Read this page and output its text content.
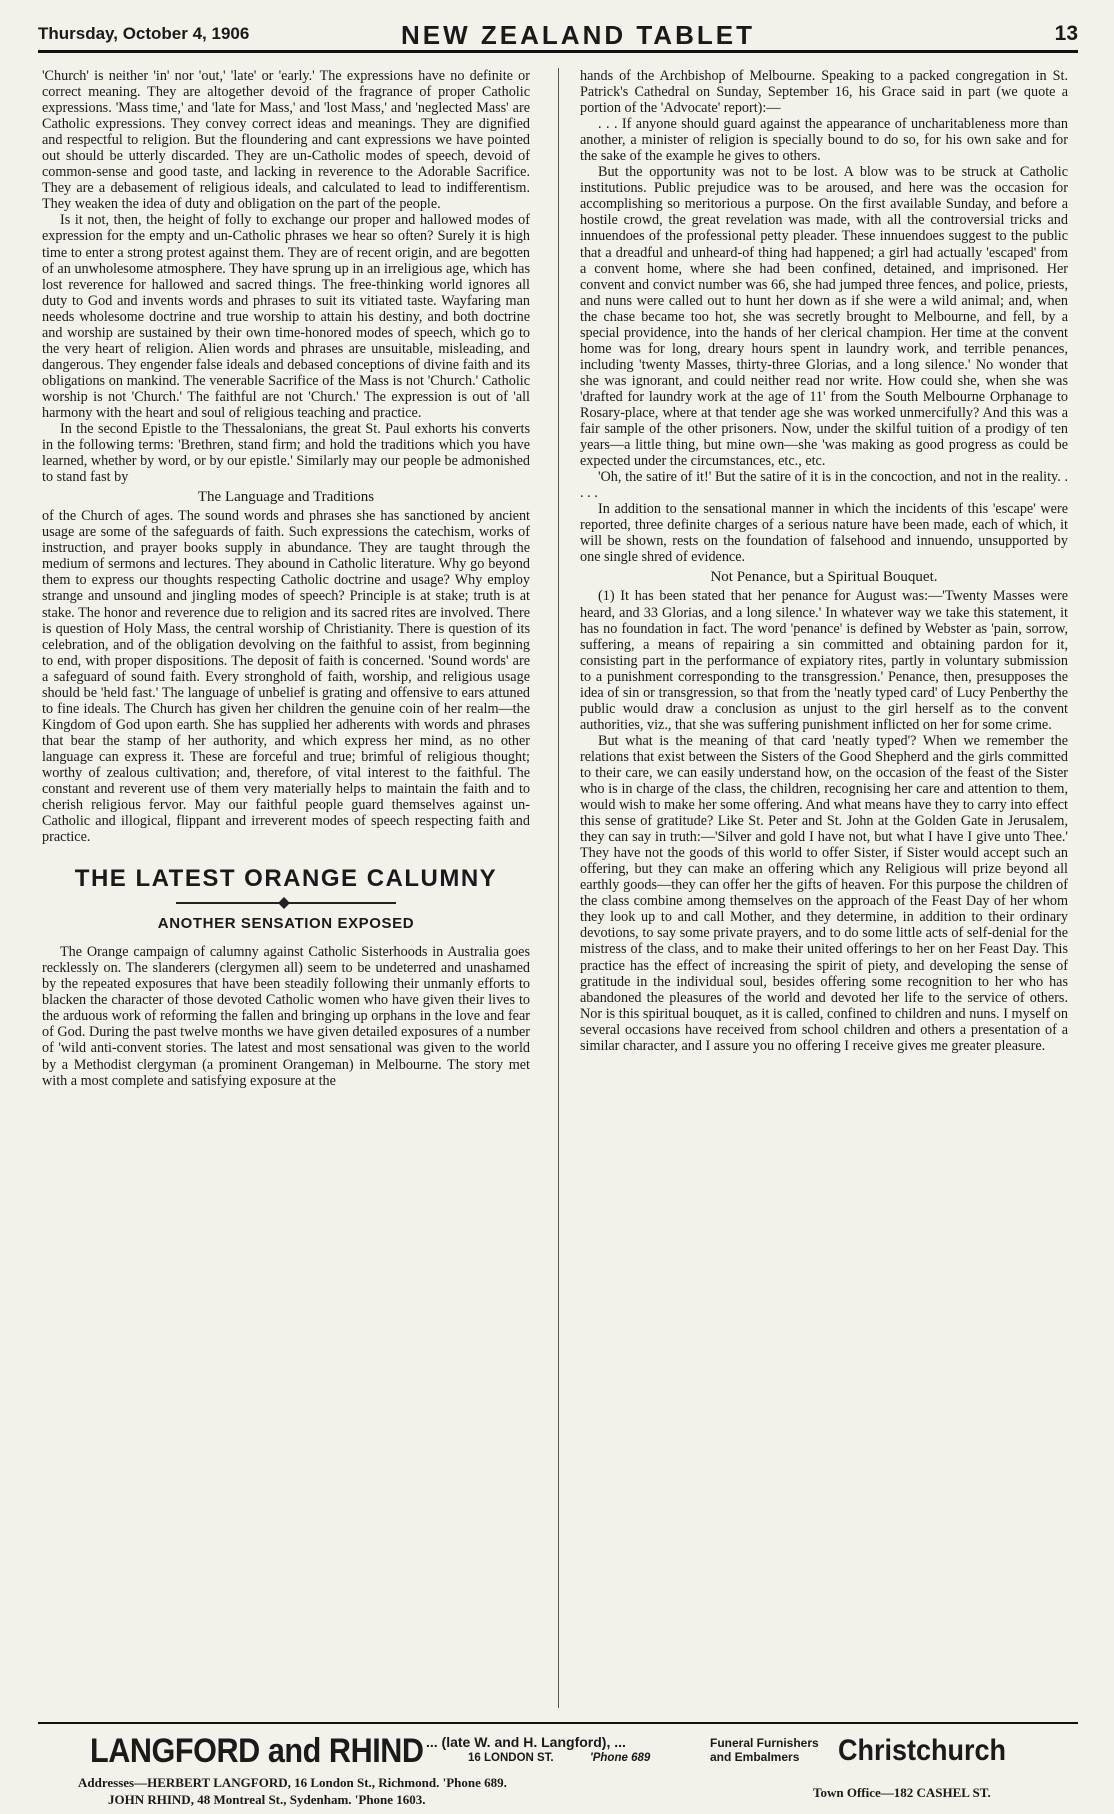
Thursday, October 4, 1906	NEW ZEALAND TABLET	13

'Church' is neither 'in' nor 'out,' 'late' or 'early.' The expressions have no definite or correct meaning. They are altogether devoid of the fragrance of proper Catholic expressions. 'Mass time,' and 'late for Mass,' and 'lost Mass,' and 'neglected Mass' are Catholic expressions. They convey correct ideas and meanings. They are dignified and respectful to religion. But the floundering and cant expressions we have pointed out should be utterly discarded. They are un-Catholic modes of speech, devoid of common-sense and good taste, and lacking in reverence to the Adorable Sacrifice. They are a debasement of religious ideals, and calculated to lead to indifferentism. They weaken the idea of duty and obligation on the part of the people.

Is it not, then, the height of folly to exchange our proper and hallowed modes of expression for the empty and un-Catholic phrases we hear so often? Surely it is high time to enter a strong protest against them. They are of recent origin, and are begotten of an unwholesome atmosphere. They have sprung up in an irreligious age, which has lost reverence for hallowed and sacred things. The free-thinking world ignores all duty to God and invents words and phrases to suit its vitiated taste. Wayfaring man needs wholesome doctrine and true worship to attain his destiny, and both doctrine and worship are sustained by their own time-honored modes of speech, which go to the very heart of religion. Alien words and phrases are unsuitable, misleading, and dangerous. They engender false ideals and debased conceptions of divine faith and its obligations on mankind. The venerable Sacrifice of the Mass is not 'Church.' Catholic worship is not 'Church.' The faithful are not 'Church.' The expression is out of 'all harmony with the heart and soul of religious teaching and practice.

In the second Epistle to the Thessalonians, the great St. Paul exhorts his converts in the following terms: 'Brethren, stand firm; and hold the traditions which you have learned, whether by word, or by our epistle.' Similarly may our people be admonished to stand fast by

The Language and Traditions

of the Church of ages. The sound words and phrases she has sanctioned by ancient usage are some of the safeguards of faith. Such expressions the catechism, works of instruction, and prayer books supply in abundance. They are taught through the medium of sermons and lectures. They abound in Catholic literature. Why go beyond them to express our thoughts respecting Catholic doctrine and usage? Why employ strange and unsound and jingling modes of speech? Principle is at stake; truth is at stake. The honor and reverence due to religion and its sacred rites are involved. There is question of Holy Mass, the central worship of Christianity. There is question of its celebration, and of the obligation devolving on the faithful to assist, from beginning to end, with proper dispositions. The deposit of faith is concerned. 'Sound words' are a safeguard of sound faith. Every stronghold of faith, worship, and religious usage should be 'held fast.' The language of unbelief is grating and offensive to ears attuned to fine ideals. The Church has given her children the genuine coin of her realm—the Kingdom of God upon earth. She has supplied her adherents with words and phrases that bear the stamp of her authority, and which express her mind, as no other language can express it. These are forceful and true; brimful of religious thought; worthy of zealous cultivation; and, therefore, of vital interest to the faithful. The constant and reverent use of them very materially helps to maintain the faith and to cherish religious fervor. May our faithful people guard themselves against un-Catholic and illogical, flippant and irreverent modes of speech respecting faith and practice.

THE LATEST ORANGE CALUMNY
ANOTHER SENSATION EXPOSED

The Orange campaign of calumny against Catholic Sisterhoods in Australia goes recklessly on. The slanderers (clergymen all) seem to be undeterred and unashamed by the repeated exposures that have been steadily following their unmanly efforts to blacken the character of those devoted Catholic women who have given their lives to the arduous work of reforming the fallen and bringing up orphans in the love and fear of God. During the past twelve months we have given detailed exposures of a number of 'wild anti-convent stories. The latest and most sensational was given to the world by a Methodist clergyman (a prominent Orangeman) in Melbourne. The story met with a most complete and satisfying exposure at the

hands of the Archbishop of Melbourne. Speaking to a packed congregation in St. Patrick's Cathedral on Sunday, September 16, his Grace said in part (we quote a portion of the 'Advocate' report):—

. . . If anyone should guard against the appearance of uncharitableness more than another, a minister of religion is specially bound to do so, for his own sake and for the sake of the example he gives to others.

But the opportunity was not to be lost. A blow was to be struck at Catholic institutions. Public prejudice was to be aroused, and here was the occasion for accomplishing so meritorious a purpose. On the first available Sunday, and before a hostile crowd, the great revelation was made, with all the controversial tricks and innuendoes of the professional petty pleader. These innuendoes suggest to the public that a dreadful and unheard-of thing had happened; a girl had actually 'escaped' from a convent home, where she had been confined, detained, and imprisoned. Her convent and convict number was 66, she had jumped three fences, and police, priests, and nuns were called out to hunt her down as if she were a wild animal; and, when the chase became too hot, she was secretly brought to Melbourne, and fell, by a special providence, into the hands of her clerical champion. Her time at the convent home was for long, dreary hours spent in laundry work, and terrible penances, including 'twenty Masses, thirty-three Glorias, and a long silence.' No wonder that she was ignorant, and could neither read nor write. How could she, when she was 'drafted for laundry work at the age of 11' from the South Melbourne Orphanage to Rosary-place, where at that tender age she was worked unmercifully? And this was a fair sample of the other prisoners. Now, under the skilful tuition of a prodigy of ten years—a little thing, but mine own—she 'was making as good progress as could be expected under the circumstances, etc., etc.

'Oh, the satire of it!' But the satire of it is in the concoction, and not in the reality. . . . .

In addition to the sensational manner in which the incidents of this 'escape' were reported, three definite charges of a serious nature have been made, each of which, it will be shown, rests on the foundation of falsehood and innuendo, unsupported by one single shred of evidence.

Not Penance, but a Spiritual Bouquet.

(1) It has been stated that her penance for August was:—'Twenty Masses were heard, and 33 Glorias, and a long silence.' In whatever way we take this statement, it has no foundation in fact. The word 'penance' is defined by Webster as 'pain, sorrow, suffering, a means of repairing a sin committed and obtaining pardon for it, consisting part in the performance of expiatory rites, partly in voluntary submission to a punishment corresponding to the transgression.' Penance, then, presupposes the idea of sin or transgression, so that from the 'neatly typed card' of Lucy Penberthy the public would draw a conclusion as unjust to the girl herself as to the convent authorities, viz., that she was suffering punishment inflicted on her for some crime.

But what is the meaning of that card 'neatly typed'? When we remember the relations that exist between the Sisters of the Good Shepherd and the girls committed to their care, we can easily understand how, on the occasion of the feast of the Sister who is in charge of the class, the children, recognising her care and attention to them, would wish to make her some offering. And what means have they to carry into effect this sense of gratitude? Like St. Peter and St. John at the Golden Gate in Jerusalem, they can say in truth:—'Silver and gold I have not, but what I have I give unto Thee.' They have not the goods of this world to offer Sister, if Sister would accept such an offering, but they can make an offering which any Religious will prize beyond all earthly goods—they can offer her the gifts of heaven. For this purpose the children of the class combine among themselves on the approach of the Feast Day of her whom they look up to and call Mother, and they determine, in addition to their ordinary devotions, to say some private prayers, and to do some little acts of self-denial for the mistress of the class, and to make their united offerings to her on her Feast Day. This practice has the effect of increasing the spirit of piety, and developing the sense of gratitude in the individual soul, besides offering some recognition to her who has abandoned the pleasures of the world and devoted her life to the service of others. Nor is this spiritual bouquet, as it is called, confined to children and nuns. I myself on several occasions have received from school children and others a presentation of a similar character, and I assure you no offering I receive gives me greater pleasure.

LANGFORD and RHIND ... (late W. and H. Langford), ...
16 LONDON ST.	'Phone 689
Funeral Furnishers
and Embalmers	Christchurch
Addresses—HERBERT LANGFORD, 16 London St., Richmond. 'Phone 689.
JOHN RHIND, 48 Montreal St., Sydenham. 'Phone 1603.	Town Office—182 CASHEL ST.
